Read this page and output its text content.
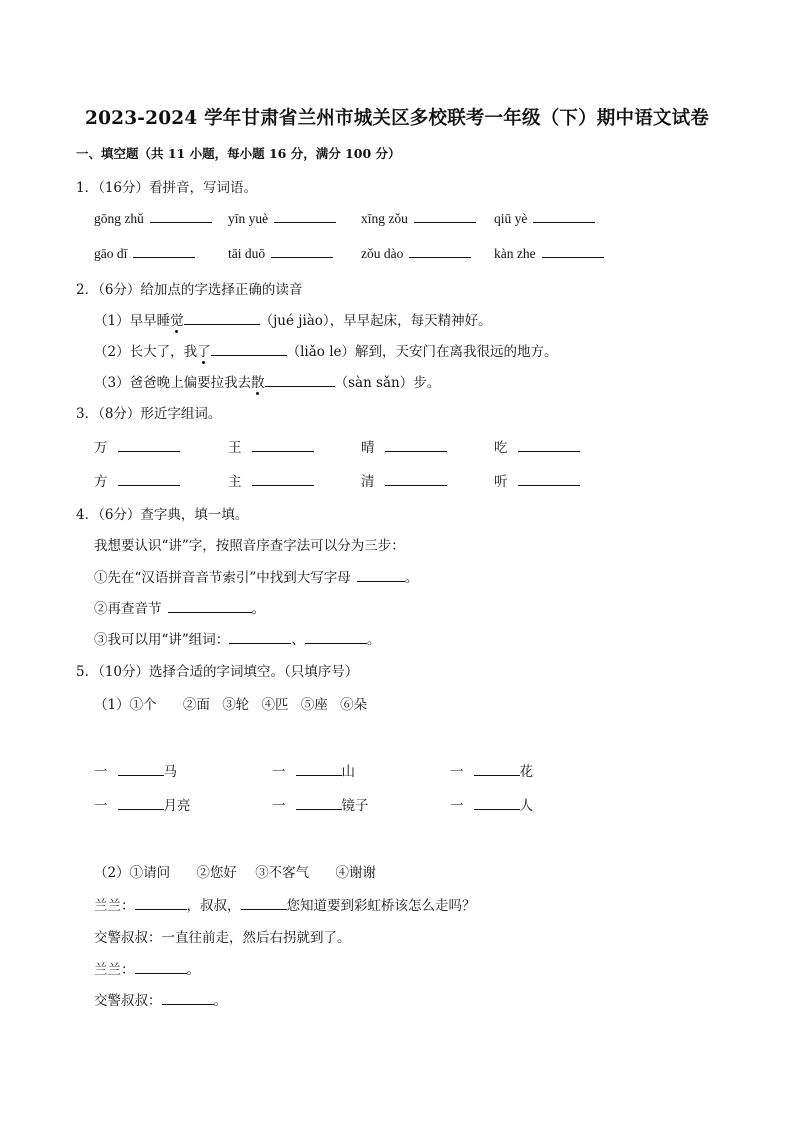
2023-2024 学年甘肃省兰州市城关区多校联考一年级（下）期中语文试卷
一、填空题（共 11 小题，每小题 16 分，满分 100 分）
1．（16分）看拼音，写词语。
gōng zhǔ	yīn yuè	xīng zǒu	qiū yè
gāo dī	tāi duō	zǒu dào	kàn zhe
2．（6分）给加点的字选择正确的读音
（1）早早睡觉	（jué jiào），早早起床，每天精神好。
（2）长大了，我了	（liǎo le）解到，天安门在离我很远的地方。
（3）爸爸晚上偏要拉我去散	（sàn sǎn）步。
3．（8分）形近字组词。
万	王	晴	吃
方	主	清	听
4．（6分）查字典，填一填。
我想要认识“讲”字，按照音序查字法可以分为三步：
①先在“汉语拼音音节索引”中找到大写字母	。
②再查音节	。
③我可以用“讲”组词：	、	。
5．（10分）选择合适的字词填空。（只填序号）
（1）①个 ②面 ③轮 ④匹 ⑤座 ⑥朵
一	马	一	山	一	花
一	月亮	一	镜子	一	人
（2）①请问 ②您好 ③不客气 ④谢谢
兰兰：	，叔叔，	您知道要到彩虹桥该怎么走吗？
交警叔叔：一直往前走，然后右拐就到了。
兰兰：	。
交警叔叔：	。
